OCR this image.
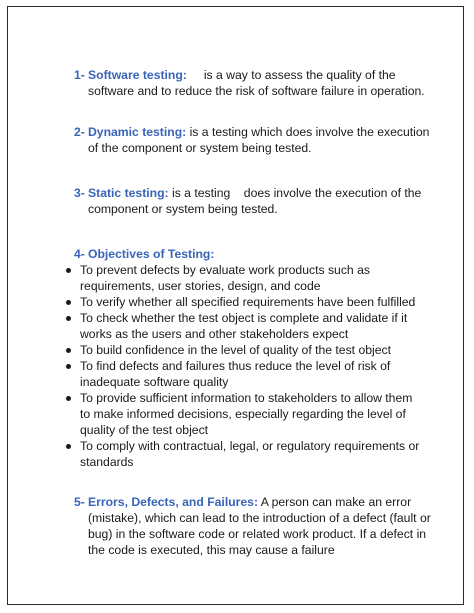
1- Software testing: is a way to assess the quality of the software and to reduce the risk of software failure in operation.
2- Dynamic testing: is a testing which does involve the execution of the component or system being tested.
3- Static testing: is a testing    does involve the execution of the component or system being tested.
4- Objectives of Testing:
To prevent defects by evaluate work products such as requirements, user stories, design, and code
To verify whether all specified requirements have been fulfilled
To check whether the test object is complete and validate if it works as the users and other stakeholders expect
To build confidence in the level of quality of the test object
To find defects and failures thus reduce the level of risk of inadequate software quality
To provide sufficient information to stakeholders to allow them to make informed decisions, especially regarding the level of quality of the test object
To comply with contractual, legal, or regulatory requirements or standards
5- Errors, Defects, and Failures: A person can make an error (mistake), which can lead to the introduction of a defect (fault or bug) in the software code or related work product. If a defect in the code is executed, this may cause a failure
